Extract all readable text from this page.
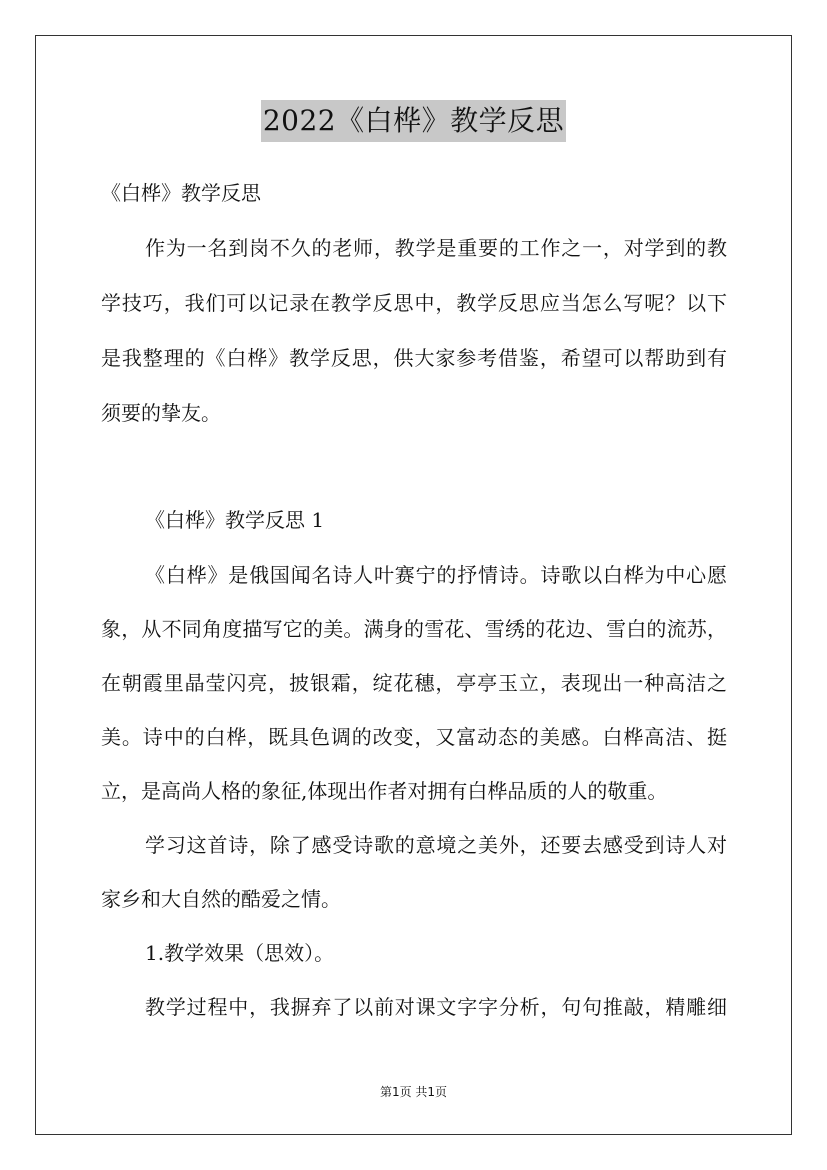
2022《白桦》教学反思
《白桦》教学反思
作为一名到岗不久的老师，教学是重要的工作之一，对学到的教
学技巧，我们可以记录在教学反思中，教学反思应当怎么写呢？以下
是我整理的《白桦》教学反思，供大家参考借鉴，希望可以帮助到有
须要的挚友。
《白桦》教学反思 1
《白桦》是俄国闻名诗人叶赛宁的抒情诗。诗歌以白桦为中心愿
象，从不同角度描写它的美。满身的雪花、雪绣的花边、雪白的流苏，
在朝霞里晶莹闪亮，披银霜，绽花穗，亭亭玉立，表现出一种高洁之
美。诗中的白桦，既具色调的改变，又富动态的美感。白桦高洁、挺
立，是高尚人格的象征,体现出作者对拥有白桦品质的人的敬重。
学习这首诗，除了感受诗歌的意境之美外，还要去感受到诗人对
家乡和大自然的酷爱之情。
1.教学效果（思效）。
教学过程中，我摒弃了以前对课文字字分析，句句推敲，精雕细
第1页 共1页
